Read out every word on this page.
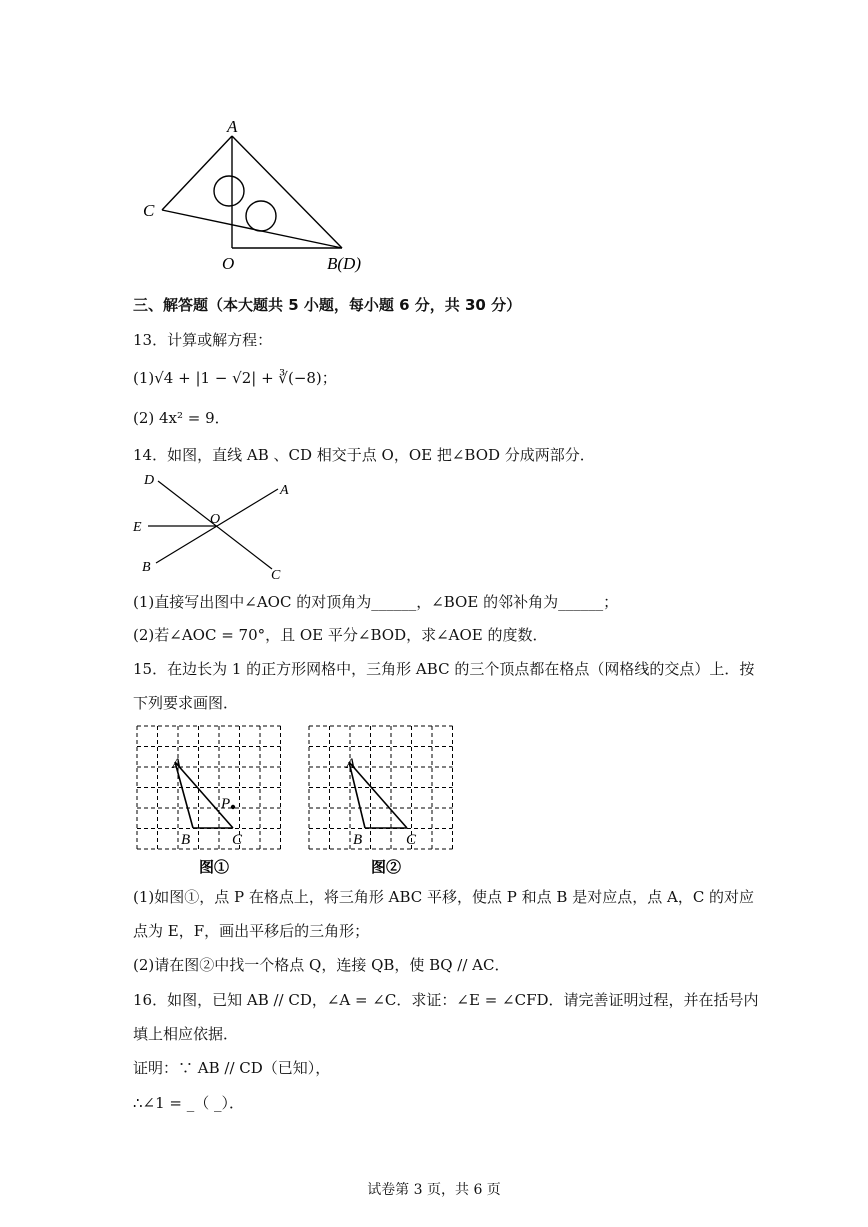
A
C
O	B(D)
三、解答题（本大题共 5 小题，每小题 6 分，共 30 分）
13．计算或解方程：
(1)√4 + |1 − √2| + ∛(−8)；
(2) 4x² = 9．
14．如图，直线 AB 、CD 相交于点 O，OE 把∠BOD 分成两部分．
D
A
E
O
B
C
(1)直接写出图中∠AOC 的对顶角为______，∠BOE 的邻补角为______；
(2)若∠AOC = 70°，且 OE 平分∠BOD，求∠AOE 的度数．
15．在边长为 1 的正方形网格中，三角形 ABC 的三个顶点都在格点（网格线的交点）上．按
下列要求画图．
A
P
B	C
图①
A
B	C
图②
(1)如图①，点 P 在格点上，将三角形 ABC 平移，使点 P 和点 B 是对应点，点 A，C 的对应
点为 E，F，画出平移后的三角形；
(2)请在图②中找一个格点 Q，连接 QB，使 BQ // AC．
16．如图，已知 AB // CD，∠A = ∠C．求证：∠E = ∠CFD．请完善证明过程，并在括号内
填上相应依据．
证明：∵ AB // CD（已知），
∴∠1 = _（ _）．
试卷第 3 页，共 6 页
